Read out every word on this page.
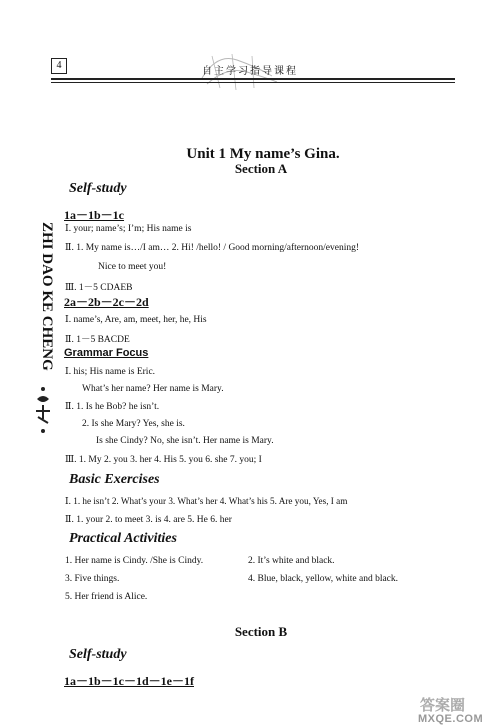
4
自主学习指导课程
ZHI DAO KE CHENG
Unit 1 My name’s Gina.
Section A
Self-study
1a－1b－1c
Ⅰ. your; name’s; I’m; His name is
Ⅱ. 1. My name is…/I am… 2. Hi! /hello! / Good morning/afternoon/evening!
Nice to meet you!
Ⅲ. 1－5 CDAEB
2a－2b－2c－2d
Ⅰ. name’s, Are, am, meet, her, he, His
Ⅱ. 1－5 BACDE
Grammar Focus
Ⅰ. his; His name is Eric.
What’s her name? Her name is Mary.
Ⅱ. 1. Is he Bob? he isn’t.
2. Is she Mary? Yes, she is.
Is she Cindy? No, she isn’t. Her name is Mary.
Ⅲ. 1. My 2. you 3. her 4. His 5. you 6. she 7. you; I
Basic Exercises
Ⅰ. 1. he isn’t 2. What’s your 3. What’s her 4. What’s his 5. Are you, Yes, I am
Ⅱ. 1. your 2. to meet 3. is 4. are 5. He 6. her
Practical Activities
1. Her name is Cindy. /She is Cindy.	2. It’s white and black.
3. Five things.	4. Blue, black, yellow, white and black.
5. Her friend is Alice.
Section B
Self-study
1a－1b－1c－1d－1e－1f
答案圈
MXQE.COM
